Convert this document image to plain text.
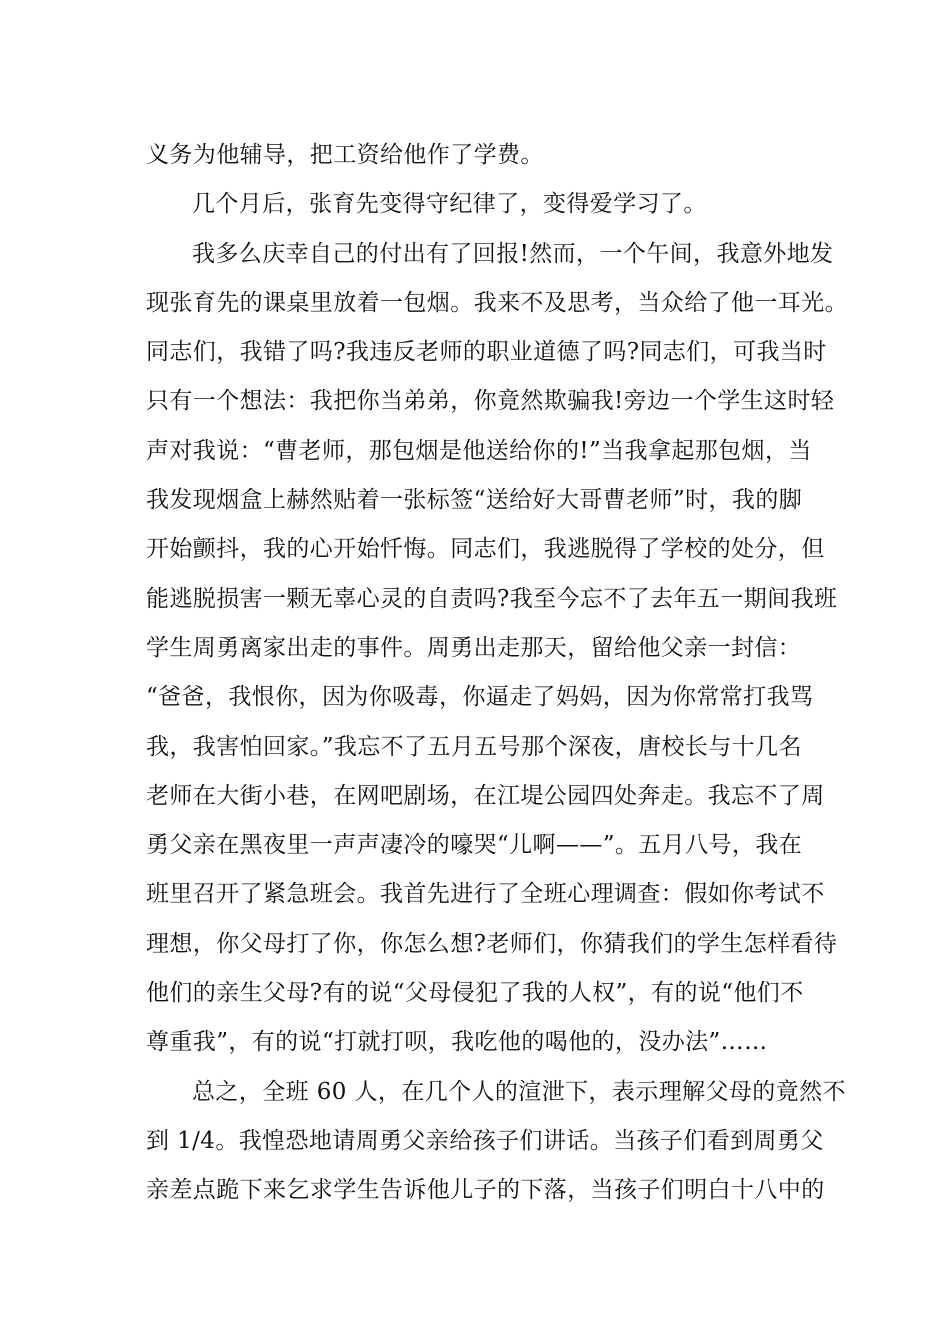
义务为他辅导，把工资给他作了学费。
几个月后，张育先变得守纪律了，变得爱学习了。
我多么庆幸自己的付出有了回报!然而，一个午间，我意外地发
现张育先的课桌里放着一包烟。我来不及思考，当众给了他一耳光。
同志们，我错了吗?我违反老师的职业道德了吗?同志们，可我当时
只有一个想法：我把你当弟弟，你竟然欺骗我!旁边一个学生这时轻
声对我说：“曹老师，那包烟是他送给你的!”当我拿起那包烟，当
我发现烟盒上赫然贴着一张标签“送给好大哥曹老师”时，我的脚
开始颤抖，我的心开始忏悔。同志们，我逃脱得了学校的处分，但
能逃脱损害一颗无辜心灵的自责吗?我至今忘不了去年五一期间我班
学生周勇离家出走的事件。周勇出走那天，留给他父亲一封信：
“爸爸，我恨你，因为你吸毒，你逼走了妈妈，因为你常常打我骂
我，我害怕回家。”我忘不了五月五号那个深夜，唐校长与十几名
老师在大街小巷，在网吧剧场，在江堤公园四处奔走。我忘不了周
勇父亲在黑夜里一声声凄冷的嚎哭“儿啊——”。五月八号，我在
班里召开了紧急班会。我首先进行了全班心理调查：假如你考试不
理想，你父母打了你，你怎么想?老师们，你猜我们的学生怎样看待
他们的亲生父母?有的说“父母侵犯了我的人权”，有的说“他们不
尊重我”，有的说“打就打呗，我吃他的喝他的，没办法”……
总之，全班 60 人，在几个人的渲泄下，表示理解父母的竟然不
到 1/4。我惶恐地请周勇父亲给孩子们讲话。当孩子们看到周勇父
亲差点跪下来乞求学生告诉他儿子的下落，当孩子们明白十八中的
